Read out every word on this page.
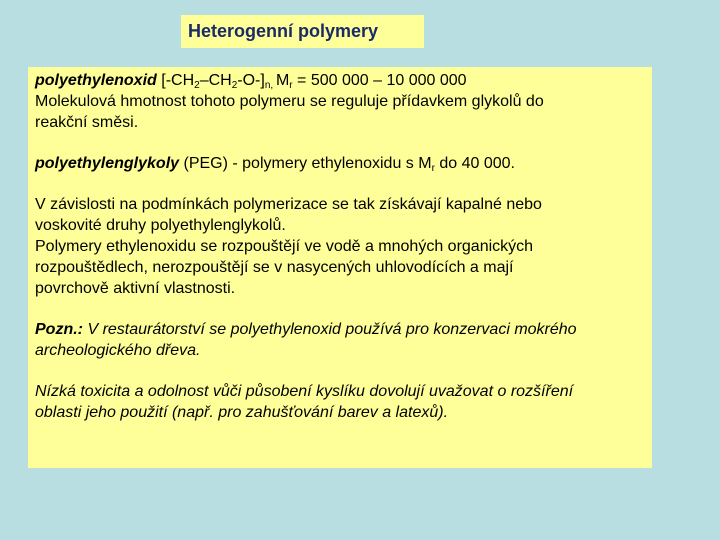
Heterogenní polymery
polyethylenoxid $[-CH_2-CH_2-O-]_{n,}$ $M_r = 500$ 000 – 10 000 000
Molekulová hmotnost tohoto polymeru se reguluje přídavkem glykolů do
reakční směsi.
polyethylenglykoly (PEG) - polymery ethylenoxidu s $M_r$ do 40 000.
V závislosti na podmínkách polymerizace se tak získávají kapalné nebo
voskovité druhy polyethylenglykolů.
Polymery ethylenoxidu se rozpouštějí ve vodě a mnohých organických
rozpouštědlech, nerozpouštějí se v nasycených uhlovodících a mají
povrchově aktivní vlastnosti.
Pozn.: V restaurátorství se polyethylenoxid používá pro konzervaci mokrého
archeologického dřeva.
Nízká toxicita a odolnost vůči působení kyslíku dovolují uvažovat o rozšíření
oblasti jeho použití (např. pro zahušťování barev a latexů).
